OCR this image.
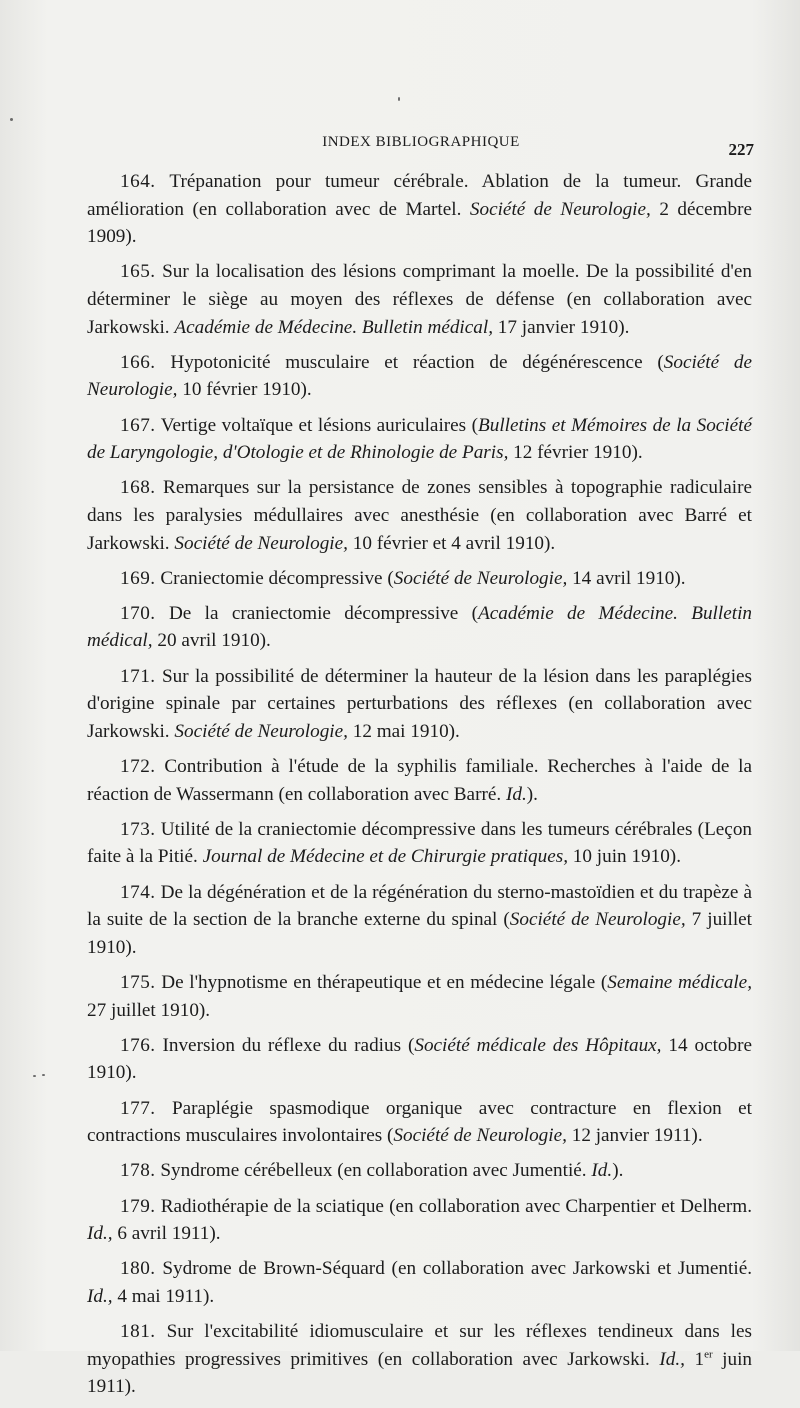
INDEX BIBLIOGRAPHIQUE	227

164. Trépanation pour tumeur cérébrale. Ablation de la tumeur. Grande amélioration (en collaboration avec de Martel. Société de Neurologie, 2 décembre 1909).

165. Sur la localisation des lésions comprimant la moelle. De la possibilité d'en déterminer le siège au moyen des réflexes de défense (en collaboration avec Jarkowski. Académie de Médecine. Bulletin médical, 17 janvier 1910).

166. Hypotonicité musculaire et réaction de dégénérescence (Société de Neurologie, 10 février 1910).

167. Vertige voltaïque et lésions auriculaires (Bulletins et Mémoires de la Société de Laryngologie, d'Otologie et de Rhinologie de Paris, 12 février 1910).

168. Remarques sur la persistance de zones sensibles à topographie radiculaire dans les paralysies médullaires avec anesthésie (en collaboration avec Barré et Jarkowski. Société de Neurologie, 10 février et 4 avril 1910).

169. Craniectomie décompressive (Société de Neurologie, 14 avril 1910).

170. De la craniectomie décompressive (Académie de Médecine. Bulletin médical, 20 avril 1910).

171. Sur la possibilité de déterminer la hauteur de la lésion dans les paraplégies d'origine spinale par certaines perturbations des réflexes (en collaboration avec Jarkowski. Société de Neurologie, 12 mai 1910).

172. Contribution à l'étude de la syphilis familiale. Recherches à l'aide de la réaction de Wassermann (en collaboration avec Barré. Id.).

173. Utilité de la craniectomie décompressive dans les tumeurs cérébrales (Leçon faite à la Pitié. Journal de Médecine et de Chirurgie pratiques, 10 juin 1910).

174. De la dégénération et de la régénération du sterno-mastoïdien et du trapèze à la suite de la section de la branche externe du spinal (Société de Neurologie, 7 juillet 1910).

175. De l'hypnotisme en thérapeutique et en médecine légale (Semaine médicale, 27 juillet 1910).

176. Inversion du réflexe du radius (Société médicale des Hôpitaux, 14 octobre 1910).

177. Paraplégie spasmodique organique avec contracture en flexion et contractions musculaires involontaires (Société de Neurologie, 12 janvier 1911).

178. Syndrome cérébelleux (en collaboration avec Jumentié. Id.).

179. Radiothérapie de la sciatique (en collaboration avec Charpentier et Delherm. Id., 6 avril 1911).

180. Sydrome de Brown-Séquard (en collaboration avec Jarkowski et Jumentié. Id., 4 mai 1911).

181. Sur l'excitabilité idiomusculaire et sur les réflexes tendineux dans les myopathies progressives primitives (en collaboration avec Jarkowski. Id., 1er juin 1911).
